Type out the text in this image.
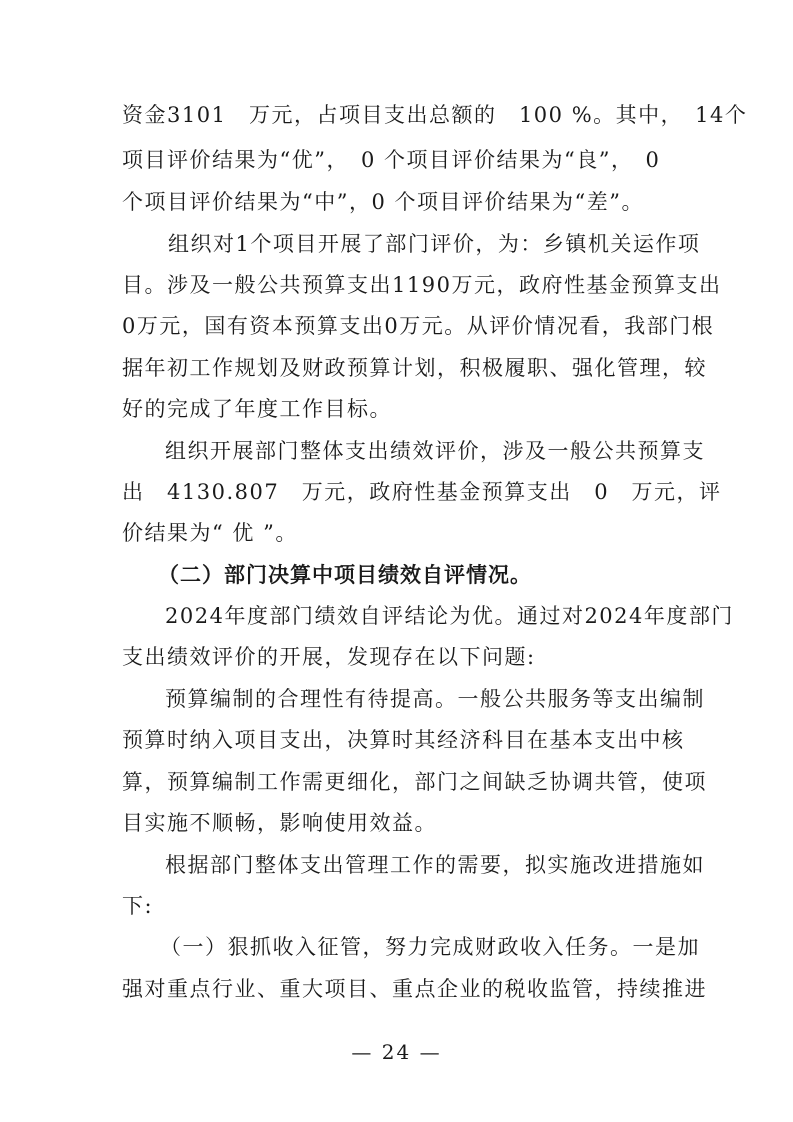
资金3101　万元，占项目支出总额的　100 %。其中，　14个
项目评价结果为“优”，　0 个项目评价结果为“良”，　0
个项目评价结果为“中”，0 个项目评价结果为“差”。
组织对1个项目开展了部门评价，为：乡镇机关运作项
目。涉及一般公共预算支出1190万元，政府性基金预算支出
0万元，国有资本预算支出0万元。从评价情况看，我部门根
据年初工作规划及财政预算计划，积极履职、强化管理，较
好的完成了年度工作目标。
组织开展部门整体支出绩效评价，涉及一般公共预算支
出　4130.807　万元，政府性基金预算支出　0　万元，评
价结果为“ 优 ”。
（二）部门决算中项目绩效自评情况。
2024年度部门绩效自评结论为优。通过对2024年度部门
支出绩效评价的开展，发现存在以下问题:
预算编制的合理性有待提高。一般公共服务等支出编制
预算时纳入项目支出，决算时其经济科目在基本支出中核
算，预算编制工作需更细化，部门之间缺乏协调共管，使项
目实施不顺畅，影响使用效益。
根据部门整体支出管理工作的需要，拟实施改进措施如
下:
（一）狠抓收入征管，努力完成财政收入任务。一是加
强对重点行业、重大项目、重点企业的税收监管，持续推进
— 24 —
